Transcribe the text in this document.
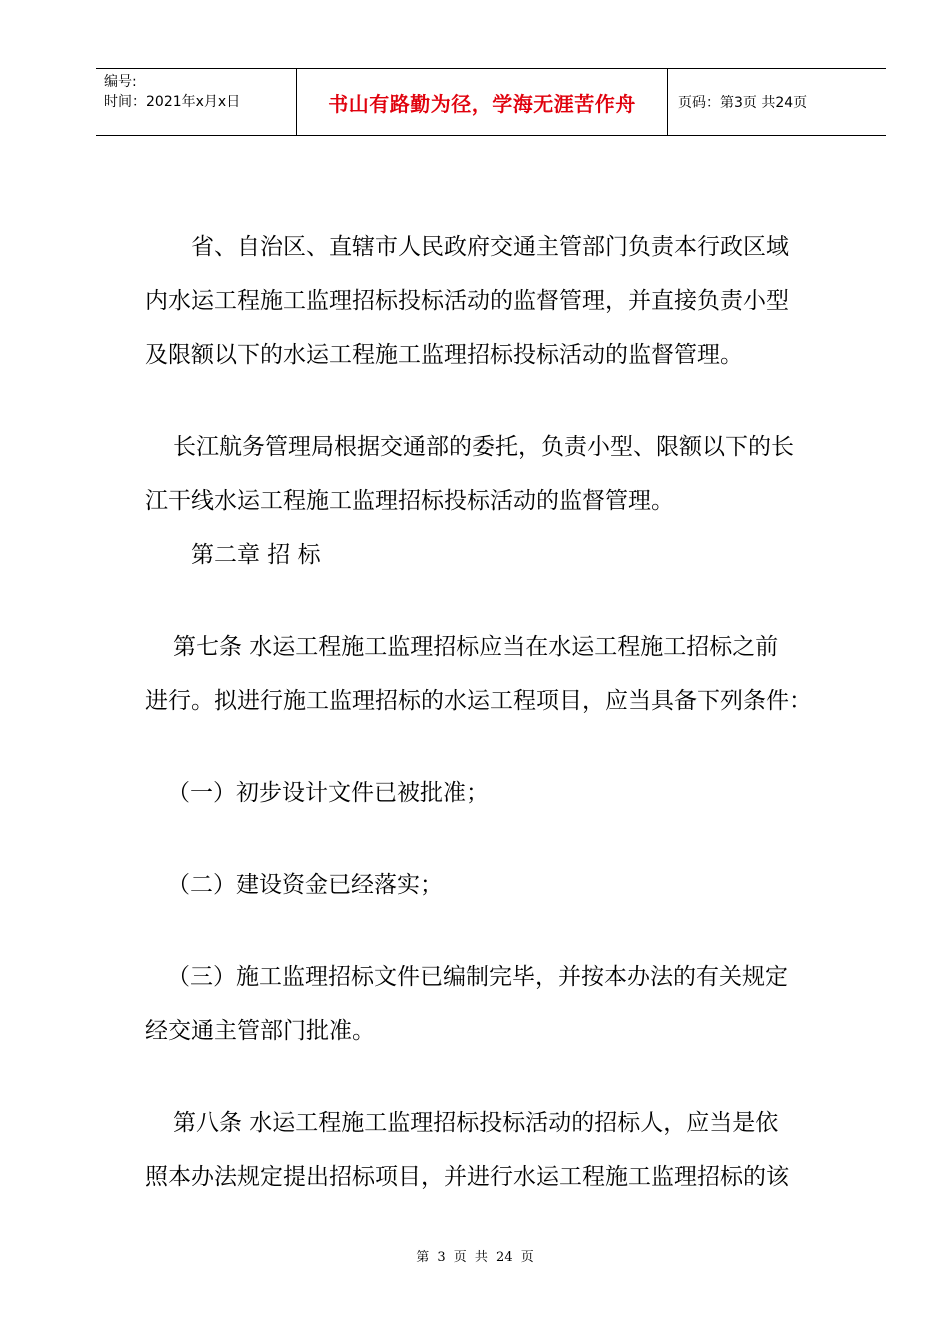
编号:
时间：2021年x月x日	书山有路勤为径，学海无涯苦作舟	页码：第3页 共24页

省、自治区、直辖市人民政府交通主管部门负责本行政区域
内水运工程施工监理招标投标活动的监督管理，并直接负责小型
及限额以下的水运工程施工监理招标投标活动的监督管理。

长江航务管理局根据交通部的委托，负责小型、限额以下的长
江干线水运工程施工监理招标投标活动的监督管理。

第二章 招 标

第七条 水运工程施工监理招标应当在水运工程施工招标之前
进行。拟进行施工监理招标的水运工程项目，应当具备下列条件：

（一）初步设计文件已被批准；

（二）建设资金已经落实；

（三）施工监理招标文件已编制完毕，并按本办法的有关规定
经交通主管部门批准。

第八条 水运工程施工监理招标投标活动的招标人，应当是依
照本办法规定提出招标项目，并进行水运工程施工监理招标的该

第 3 页 共 24 页
